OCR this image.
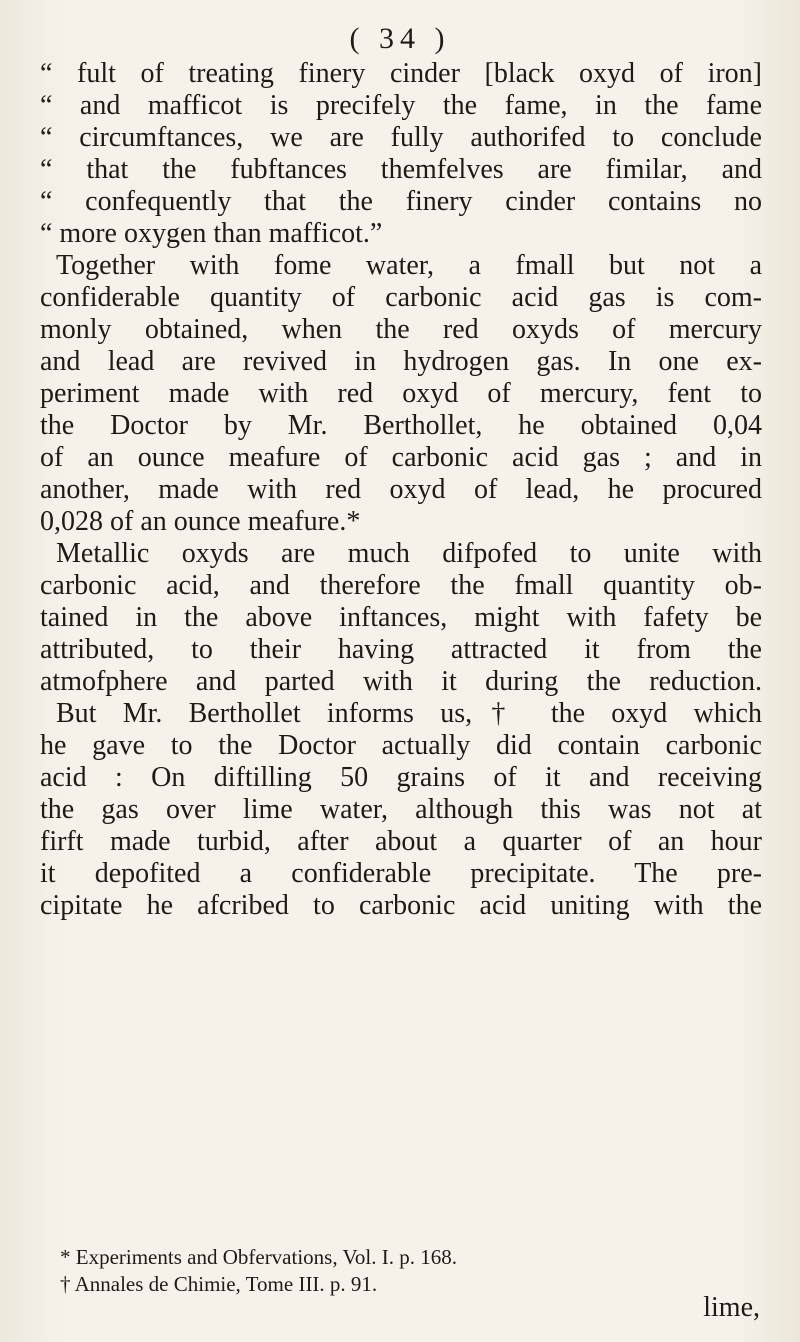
( 34 )
“ fult of treating finery cinder [black oxyd of iron]
“ and mafficot is precifely the fame, in the fame
“ circumftances, we are fully authorifed to conclude
“ that the fubftances themfelves are fimilar, and
“ confequently that the finery cinder contains no
“ more oxygen than mafficot.”
Together with fome water, a fmall but not a
confiderable quantity of carbonic acid gas is com-
monly obtained, when the red oxyds of mercury
and lead are revived in hydrogen gas. In one ex-
periment made with red oxyd of mercury, fent to
the Doctor by Mr. Berthollet, he obtained 0,04
of an ounce meafure of carbonic acid gas ; and in
another, made with red oxyd of lead, he procured
0,028 of an ounce meafure.*
Metallic oxyds are much difpofed to unite with
carbonic acid, and therefore the fmall quantity ob-
tained in the above inftances, might with fafety be
attributed, to their having attracted it from the
atmofphere and parted with it during the reduction.
But Mr. Berthollet informs us,† the oxyd which
he gave to the Doctor actually did contain carbonic
acid : On diftilling 50 grains of it and receiving
the gas over lime water, although this was not at
firft made turbid, after about a quarter of an hour
it depofited a confiderable precipitate. The pre-
cipitate he afcribed to carbonic acid uniting with the
* Experiments and Obfervations, Vol. I. p. 168.
† Annales de Chimie, Tome III. p. 91.
lime,
